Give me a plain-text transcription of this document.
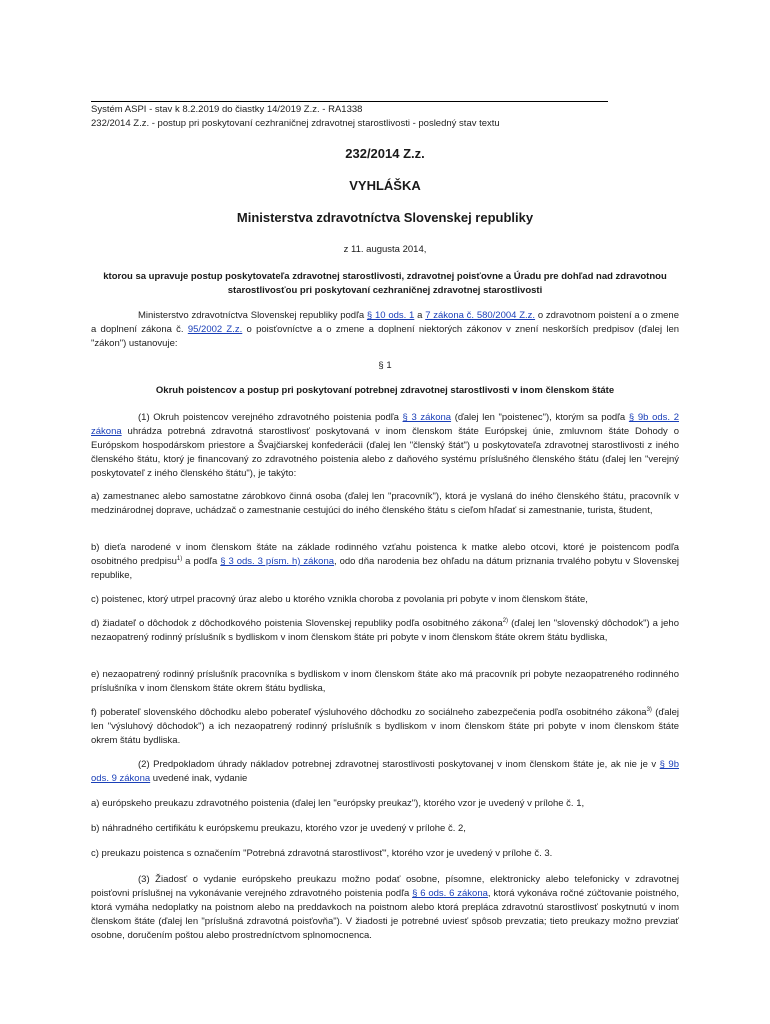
Systém ASPI - stav k 8.2.2019 do čiastky 14/2019 Z.z. - RA1338
232/2014 Z.z. - postup pri poskytovaní cezhraničnej zdravotnej starostlivosti - posledný stav textu
232/2014 Z.z.
VYHLÁŠKA
Ministerstva zdravotníctva Slovenskej republiky
z 11. augusta 2014,
ktorou sa upravuje postup poskytovateľa zdravotnej starostlivosti, zdravotnej poisťovne a Úradu pre dohľad nad zdravotnou starostlivosťou pri poskytovaní cezhraničnej zdravotnej starostlivosti
Ministerstvo zdravotníctva Slovenskej republiky podľa § 10 ods. 1 a 7 zákona č. 580/2004 Z.z. o zdravotnom poistení a o zmene a doplnení zákona č. 95/2002 Z.z. o poisťovníctve a o zmene a doplnení niektorých zákonov v znení neskorších predpisov (ďalej len "zákon") ustanovuje:
§ 1
Okruh poistencov a postup pri poskytovaní potrebnej zdravotnej starostlivosti v inom členskom štáte
(1) Okruh poistencov verejného zdravotného poistenia podľa § 3 zákona (ďalej len "poistenec"), ktorým sa podľa § 9b ods. 2 zákona uhrádza potrebná zdravotná starostlivosť poskytovaná v inom členskom štáte Európskej únie, zmluvnom štáte Dohody o Európskom hospodárskom priestore a Švajčiarskej konfederácii (ďalej len "členský štát") u poskytovateľa zdravotnej starostlivosti z iného členského štátu, ktorý je financovaný zo zdravotného poistenia alebo z daňového systému príslušného členského štátu (ďalej len "verejný poskytovateľ z iného členského štátu"), je takýto:
a) zamestnanec alebo samostatne zárobkovo činná osoba (ďalej len "pracovník"), ktorá je vyslaná do iného členského štátu, pracovník v medzinárodnej doprave, uchádzač o zamestnanie cestujúci do iného členského štátu s cieľom hľadať si zamestnanie, turista, študent,
b) dieťa narodené v inom členskom štáte na základe rodinného vzťahu poistenca k matke alebo otcovi, ktoré je poistencom podľa osobitného predpisu$^{1)}$ a podľa § 3 ods. 3 písm. h) zákona, odo dňa narodenia bez ohľadu na dátum priznania trvalého pobytu v Slovenskej republike,
c) poistenec, ktorý utrpel pracovný úraz alebo u ktorého vznikla choroba z povolania pri pobyte v inom členskom štáte,
d) žiadateľ o dôchodok z dôchodkového poistenia Slovenskej republiky podľa osobitného zákona$^{2)}$ (ďalej len "slovenský dôchodok") a jeho nezaopatrený rodinný príslušník s bydliskom v inom členskom štáte pri pobyte v inom členskom štáte okrem štátu bydliska,
e) nezaopatrený rodinný príslušník pracovníka s bydliskom v inom členskom štáte ako má pracovník pri pobyte nezaopatreného rodinného príslušníka v inom členskom štáte okrem štátu bydliska,
f) poberateľ slovenského dôchodku alebo poberateľ výsluhového dôchodku zo sociálneho zabezpečenia podľa osobitného zákona$^{3)}$ (ďalej len "výsluhový dôchodok") a ich nezaopatrený rodinný príslušník s bydliskom v inom členskom štáte pri pobyte v inom členskom štáte okrem štátu bydliska.
(2) Predpokladom úhrady nákladov potrebnej zdravotnej starostlivosti poskytovanej v inom členskom štáte je, ak nie je v § 9b ods. 9 zákona uvedené inak, vydanie
a) európskeho preukazu zdravotného poistenia (ďalej len "európsky preukaz"), ktorého vzor je uvedený v prílohe č. 1,
b) náhradného certifikátu k európskemu preukazu, ktorého vzor je uvedený v prílohe č. 2,
c) preukazu poistenca s označením "Potrebná zdravotná starostlivosť", ktorého vzor je uvedený v prílohe č. 3.
(3) Žiadosť o vydanie európskeho preukazu možno podať osobne, písomne, elektronicky alebo telefonicky v zdravotnej poisťovni príslušnej na vykonávanie verejného zdravotného poistenia podľa § 6 ods. 6 zákona, ktorá vykonáva ročné zúčtovanie poistného, ktorá vymáha nedoplatky na poistnom alebo na preddavkoch na poistnom alebo ktorá prepláca zdravotnú starostlivosť poskytnutú v inom členskom štáte (ďalej len "príslušná zdravotná poisťovňa"). V žiadosti je potrebné uviesť spôsob prevzatia; tieto preukazy možno prevziať osobne, doručením poštou alebo prostredníctvom splnomocnenca.
